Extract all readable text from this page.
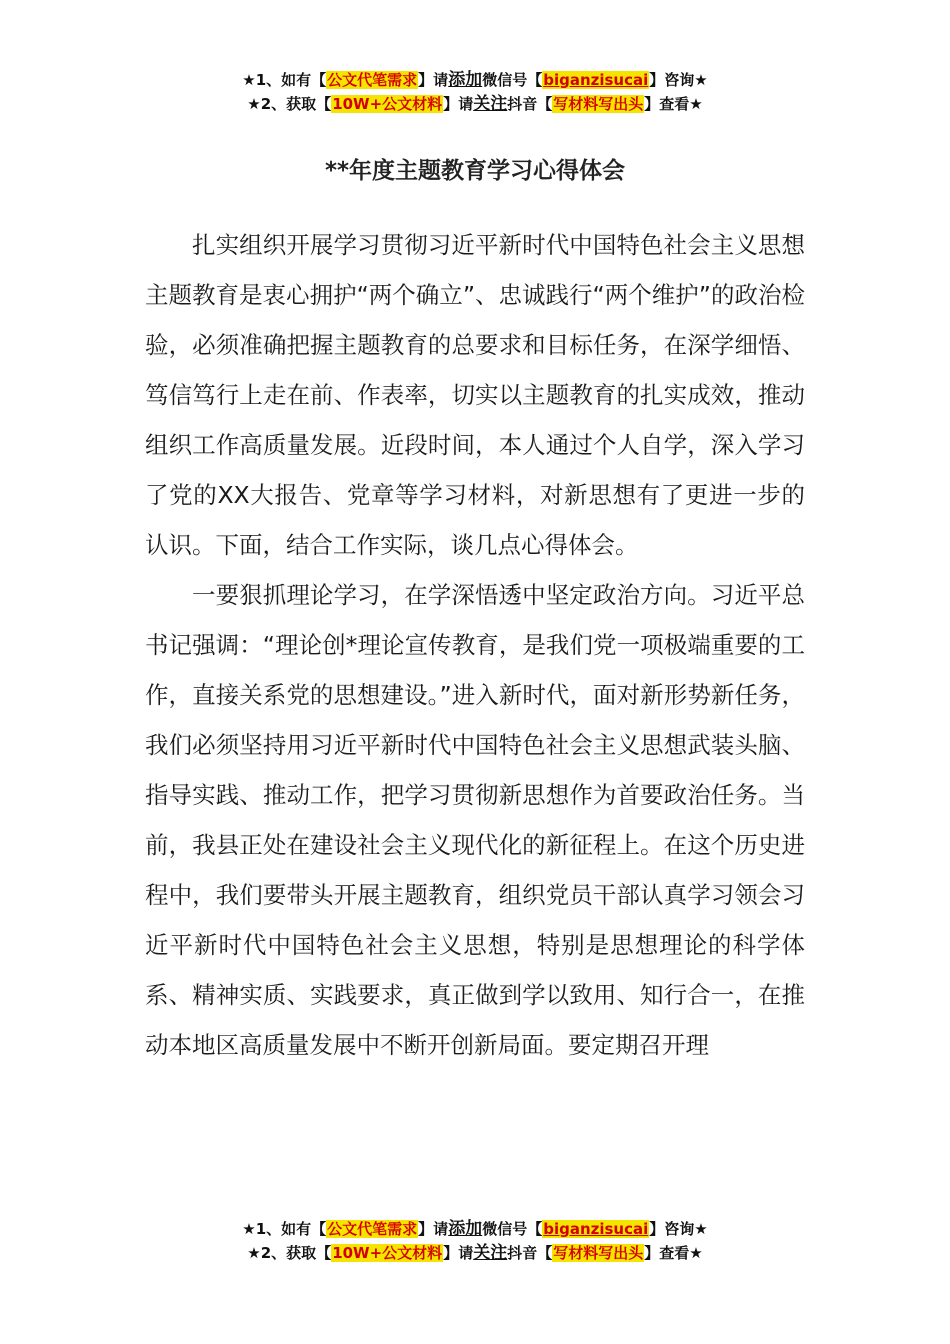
★1、如有【公文代笔需求】请添加微信号【biganzisucai】咨询★
★2、获取【10W+公文材料】请关注抖音【写材料写出头】查看★
**年度主题教育学习心得体会

扎实组织开展学习贯彻习近平新时代中国特色社会主义思想主题教育是衷心拥护“两个确立”、忠诚践行“两个维护”的政治检验，必须准确把握主题教育的总要求和目标任务，在深学细悟、笃信笃行上走在前、作表率，切实以主题教育的扎实成效，推动组织工作高质量发展。近段时间，本人通过个人自学，深入学习了党的XX大报告、党章等学习材料，对新思想有了更进一步的认识。下面，结合工作实际，谈几点心得体会。

一要狠抓理论学习，在学深悟透中坚定政治方向。习近平总书记强调：“理论创*理论宣传教育，是我们党一项极端重要的工作，直接关系党的思想建设。”进入新时代，面对新形势新任务，我们必须坚持用习近平新时代中国特色社会主义思想武装头脑、指导实践、推动工作，把学习贯彻新思想作为首要政治任务。当前，我县正处在建设社会主义现代化的新征程上。在这个历史进程中，我们要带头开展主题教育，组织党员干部认真学习领会习近平新时代中国特色社会主义思想，特别是思想理论的科学体系、精神实质、实践要求，真正做到学以致用、知行合一，在推动本地区高质量发展中不断开创新局面。要定期召开理

★1、如有【公文代笔需求】请添加微信号【biganzisucai】咨询★
★2、获取【10W+公文材料】请关注抖音【写材料写出头】查看★
